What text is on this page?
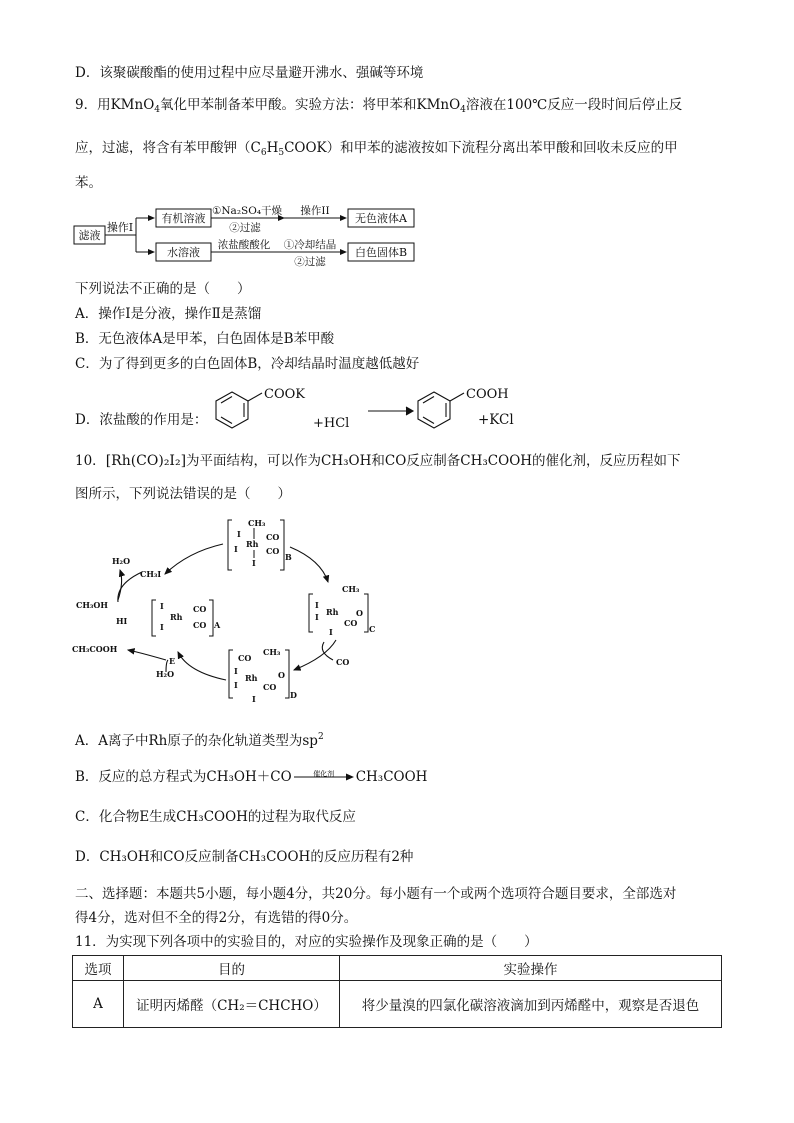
D．该聚碳酸酯的使用过程中应尽量避开沸水、强碱等环境
9．用KMnO$_4$氧化甲苯制备苯甲酸。实验方法：将甲苯和KMnO$_4$溶液在100℃反应一段时间后停止反
应，过滤，将含有苯甲酸钾$(C_6H_5COOK)$和甲苯的滤液按如下流程分离出苯甲酸和回收未反应的甲
苯。
滤液
操作I
有机溶液
水溶液
①Na₂SO₄干燥
②过滤
操作II
无色液体A
浓盐酸酸化 ①冷却结晶
②过滤
白色固体B
下列说法不正确的是（　　）
A．操作Ⅰ是分液，操作Ⅱ是蒸馏
B．无色液体A是甲苯，白色固体是B苯甲酸
C．为了得到更多的白色固体B，冷却结晶时温度越低越好
D．浓盐酸的作用是：
COOK
+HCl
COOH
+KCl
10．[Rh(CO)₂I₂]为平面结构，可以作为CH₃OH和CO反应制备CH₃COOH的催化剂，反应历程如下
图所示，下列说法错误的是（　　）
CH₃
I
Rh
CO
I	CO
I
B
I
Rh
CO
I	CO A
CH₃
I
Rh O
CO
I
I	C
CO
CH₃
I
Rh	O
I	CO
I	D
H₂O
CH₃I
CH₃OH
HI
CH₃COOH
E
H₂O
CO
A．A离子中Rh原子的杂化轨道类型为$sp^2$
B．反应的总方程式为CH₃OH＋CO	催化剂	CH₃COOH
C．化合物E生成CH₃COOH的过程为取代反应
D．CH₃OH和CO反应制备CH₃COOH的反应历程有2种
二、选择题：本题共5小题，每小题4分，共20分。每小题有一个或两个选项符合题目要求，全部选对
得4分，选对但不全的得2分，有选错的得0分。
11．为实现下列各项中的实验目的，对应的实验操作及现象正确的是（　　）
选项	目的	实验操作
A	证明丙烯醛（CH₂＝CHCHO）	将少量溴的四氯化碳溶液滴加到丙烯醛中，观察是否退色
